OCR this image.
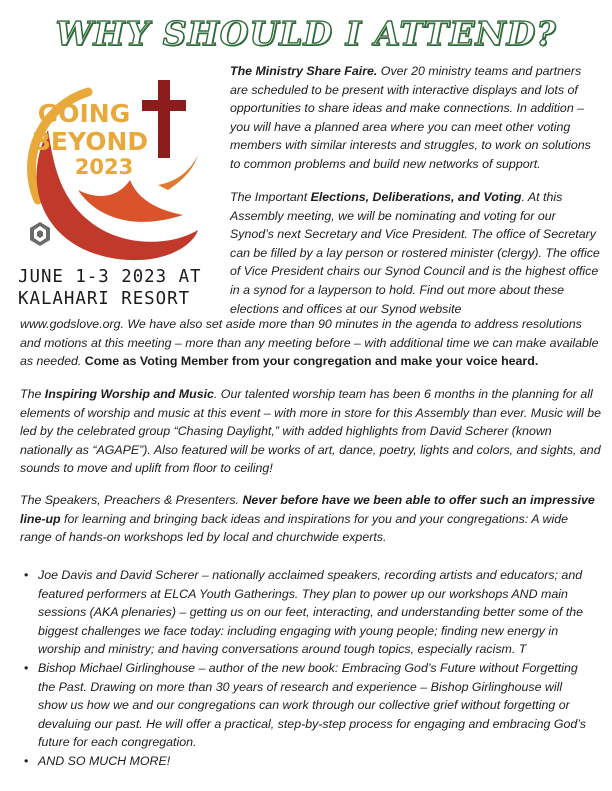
WHY SHOULD I ATTEND?
GOING
BEYOND
2023
JUNE 1-3 2023 AT
KALAHARI RESORT
The Ministry Share Faire. Over 20 ministry teams and partners are scheduled to be present with interactive displays and lots of opportunities to share ideas and make connections. In addition – you will have a planned area where you can meet other voting members with similar interests and struggles, to work on solutions to common problems and build new networks of support.
The Important Elections, Deliberations, and Voting. At this Assembly meeting, we will be nominating and voting for our Synod’s next Secretary and Vice President. The office of Secretary can be filled by a lay person or rostered minister (clergy). The office of Vice President chairs our Synod Council and is the highest office in a synod for a layperson to hold. Find out more about these elections and offices at our Synod website
www.godslove.org. We have also set aside more than 90 minutes in the agenda to address resolutions and motions at this meeting – more than any meeting before – with additional time we can make available as needed. Come as Voting Member from your congregation and make your voice heard.
The Inspiring Worship and Music. Our talented worship team has been 6 months in the planning for all elements of worship and music at this event – with more in store for this Assembly than ever. Music will be led by the celebrated group “Chasing Daylight,” with added highlights from David Scherer (known nationally as “AGAPE”). Also featured will be works of art, dance, poetry, lights and colors, and sights, and sounds to move and uplift from floor to ceiling!
The Speakers, Preachers & Presenters. Never before have we been able to offer such an impressive line-up for learning and bringing back ideas and inspirations for you and your congregations: A wide range of hands-on workshops led by local and churchwide experts.
• Joe Davis and David Scherer – nationally acclaimed speakers, recording artists and educators; and featured performers at ELCA Youth Gatherings. They plan to power up our workshops AND main sessions (AKA plenaries) – getting us on our feet, interacting, and understanding better some of the biggest challenges we face today: including engaging with young people; finding new energy in worship and ministry; and having conversations around tough topics, especially racism. T
• Bishop Michael Girlinghouse – author of the new book: Embracing God’s Future without Forgetting the Past. Drawing on more than 30 years of research and experience – Bishop Girlinghouse will show us how we and our congregations can work through our collective grief without forgetting or devaluing our past. He will offer a practical, step-by-step process for engaging and embracing God’s future for each congregation.
• AND SO MUCH MORE!
